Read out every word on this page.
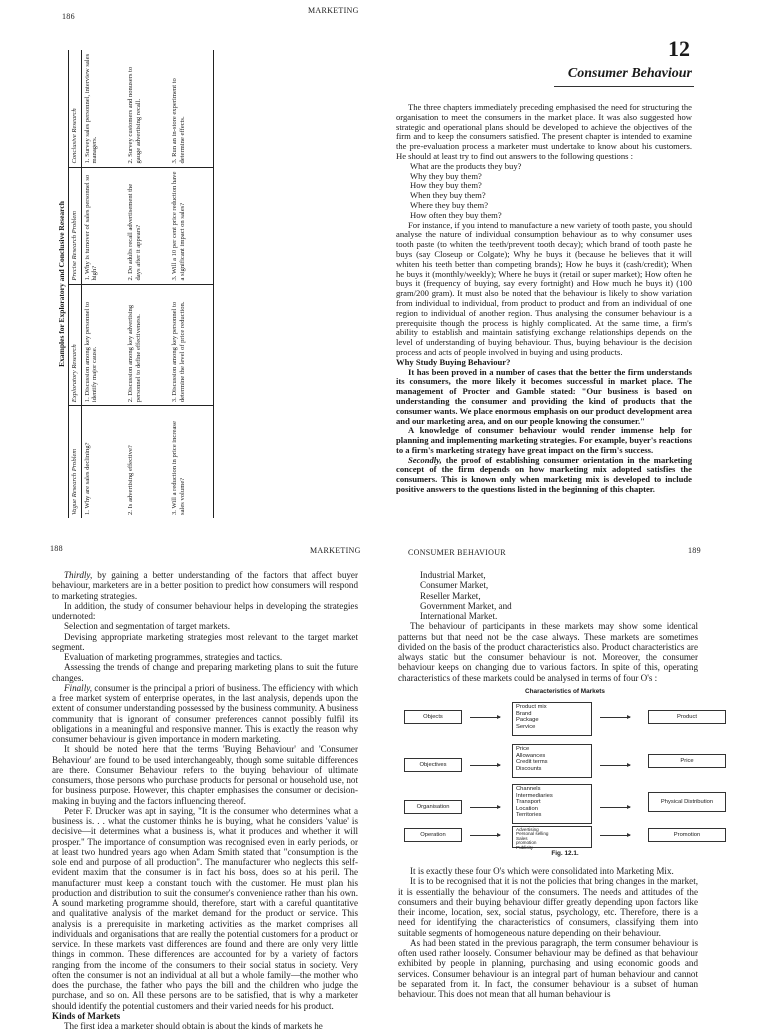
186
MARKETING
Examples for Exploratory and Conclusive Research
Vague Research Problem	Exploratory Research	Precise Research Problem	Conclusive Research
1. Why are sales declining?	1. Discussion among key personnel to identify major cause.	1. Why is turnover of sales personnel so high?	1. Survey sales personnel, interview sales managers.
2. Is advertising effective?	2. Discussion among key advertising personnel to define effectiveness.	2. Do adults recall advertisement the days after it appears?	2. Survey customers and nonusers to gauge advertising recall.
3. Will a reduction in price increase sales volume?	3. Discussion among key personnel to determine the level of price reduction.	3. Will a 10 per cent price reduction have a significant impact on sales?	3. Run an in-store experiment to determine effects.
12
Consumer Behaviour

The three chapters immediately preceding emphasised the need for structuring the organisation to meet the consumers in the market place. It was also suggested how strategic and operational plans should be developed to achieve the objectives of the firm and to keep the consumers satisfied. The present chapter is intended to examine the pre-evaluation process a marketer must undertake to know about his customers. He should at least try to find out answers to the following questions :

What are the products they buy?
Why they buy them?
How they buy them?
When they buy them?
Where they buy them?
How often they buy them?

For instance, if you intend to manufacture a new variety of tooth paste, you should analyse the nature of individual consumption behaviour as to why consumer uses tooth paste (to whiten the teeth/prevent tooth decay); which brand of tooth paste he buys (say Closeup or Colgate); Why he buys it (because he believes that it will whiten his teeth better than competing brands); How he buys it (cash/credit); When he buys it (monthly/weekly); Where he buys it (retail or super market); How often he buys it (frequency of buying, say every fortnight) and How much he buys it) (100 gram/200 gram). It must also be noted that the behaviour is likely to show variation from individual to individual, from product to product and from an individual of one region to individual of another region. Thus analysing the consumer behaviour is a prerequisite though the process is highly complicated. At the same time, a firm's ability to establish and maintain satisfying exchange relationships depends on the level of understanding of buying behaviour. Thus, buying behaviour is the decision process and acts of people involved in buying and using products.

Why Study Buying Behaviour?

It has been proved in a number of cases that the better the firm understands its consumers, the more likely it becomes successful in market place. The management of Procter and Gamble stated: "Our business is based on understanding the consumer and providing the kind of products that the consumer wants. We place enormous emphasis on our product development area and our marketing area, and on our people knowing the consumer."

A knowledge of consumer behaviour would render immense help for planning and implementing marketing strategies. For example, buyer's reactions to a firm's marketing strategy have great impact on the firm's success.

Secondly, the proof of establishing consumer orientation in the marketing concept of the firm depends on how marketing mix adopted satisfies the consumers. This is known only when marketing mix is developed to include positive answers to the questions listed in the beginning of this chapter.

188	MARKETING

Thirdly, by gaining a better understanding of the factors that affect buyer behaviour, marketers are in a better position to predict how consumers will respond to marketing strategies.

In addition, the study of consumer behaviour helps in developing the strategies undernoted:

Selection and segmentation of target markets.

Devising appropriate marketing strategies most relevant to the target market segment.

Evaluation of marketing programmes, strategies and tactics.

Assessing the trends of change and preparing marketing plans to suit the future changes.

Finally, consumer is the principal a priori of business. The efficiency with which a free market system of enterprise operates, in the last analysis, depends upon the extent of consumer understanding possessed by the business community. A business community that is ignorant of consumer preferences cannot possibly fulfil its obligations in a meaningful and responsive manner. This is exactly the reason why consumer behaviour is given importance in modern marketing.

It should be noted here that the terms 'Buying Behaviour' and 'Consumer Behaviour' are found to be used interchangeably, though some suitable differences are there. Consumer Behaviour refers to the buying behaviour of ultimate consumers, those persons who purchase products for personal or household use, not for business purpose. However, this chapter emphasises the consumer or decision-making in buying and the factors influencing thereof.

Peter F. Drucker was apt in saying, "It is the consumer who determines what a business is. . . what the customer thinks he is buying, what he considers 'value' is decisive—it determines what a business is, what it produces and whether it will prosper." The importance of consumption was recognised even in early periods, or at least two hundred years ago when Adam Smith stated that "consumption is the sole end and purpose of all production". The manufacturer who neglects this self-evident maxim that the consumer is in fact his boss, does so at his peril. The manufacturer must keep a constant touch with the customer. He must plan his production and distribution to suit the consumer's convenience rather than his own. A sound marketing programme should, therefore, start with a careful quantitative and qualitative analysis of the market demand for the product or service. This analysis is a prerequisite in marketing activities as the market comprises all individuals and organisations that are really the potential customers for a product or service. In these markets vast differences are found and there are only very little things in common. These differences are accounted for by a variety of factors ranging from the income of the consumers to their social status in society. Very often the consumer is not an individual at all but a whole family—the mother who does the purchase, the father who pays the bill and the children who judge the purchase, and so on. All these persons are to be satisfied, that is why a marketer should identify the potential customers and their varied needs for his product.

Kinds of Markets

The first idea a marketer should obtain is about the kinds of markets he

CONSUMER BEHAVIOUR	189
Industrial Market,
Consumer Market,
Reseller Market,
Government Market, and
International Market.

The behaviour of participants in these markets may show some identical patterns but that need not be the case always. These markets are sometimes divided on the basis of the product characteristics also. Product characteristics are always static but the consumer behaviour is not. Moreover, the consumer behaviour keeps on changing due to various factors. In spite of this, operating characteristics of these markets could be analysed in terms of four O's :

It is exactly these four O's which were consolidated into Marketing Mix.

It is to be recognised that it is not the policies that bring changes in the market, it is essentially the behaviour of the consumers. The needs and attitudes of the consumers and their buying behaviour differ greatly depending upon factors like their income, location, sex, social status, psychology, etc. Therefore, there is a need for identifying the characteristics of consumers, classifying them into suitable segments of homogeneous nature depending on their behaviour.

As had been stated in the previous paragraph, the term consumer behaviour is often used rather loosely. Consumer behaviour may be defined as that behaviour exhibited by people in planning, purchasing and using economic goods and services. Consumer behaviour is an integral part of human behaviour and cannot be separated from it. In fact, the consumer behaviour is a subset of human behaviour. This does not mean that all human behaviour is

Characteristics of Markets
Objects
Product mix
Brand
Package
Service
Product
Objectives
Price
Allowances
Credit terms
Discounts
Price
Organisation
Channels
Intermediaries
Transport
Location
Territories
Physical Distribution
Operation
Advertising
Personal selling
Sales
promotion
Publicity
Promotion
Fig. 12.1.
